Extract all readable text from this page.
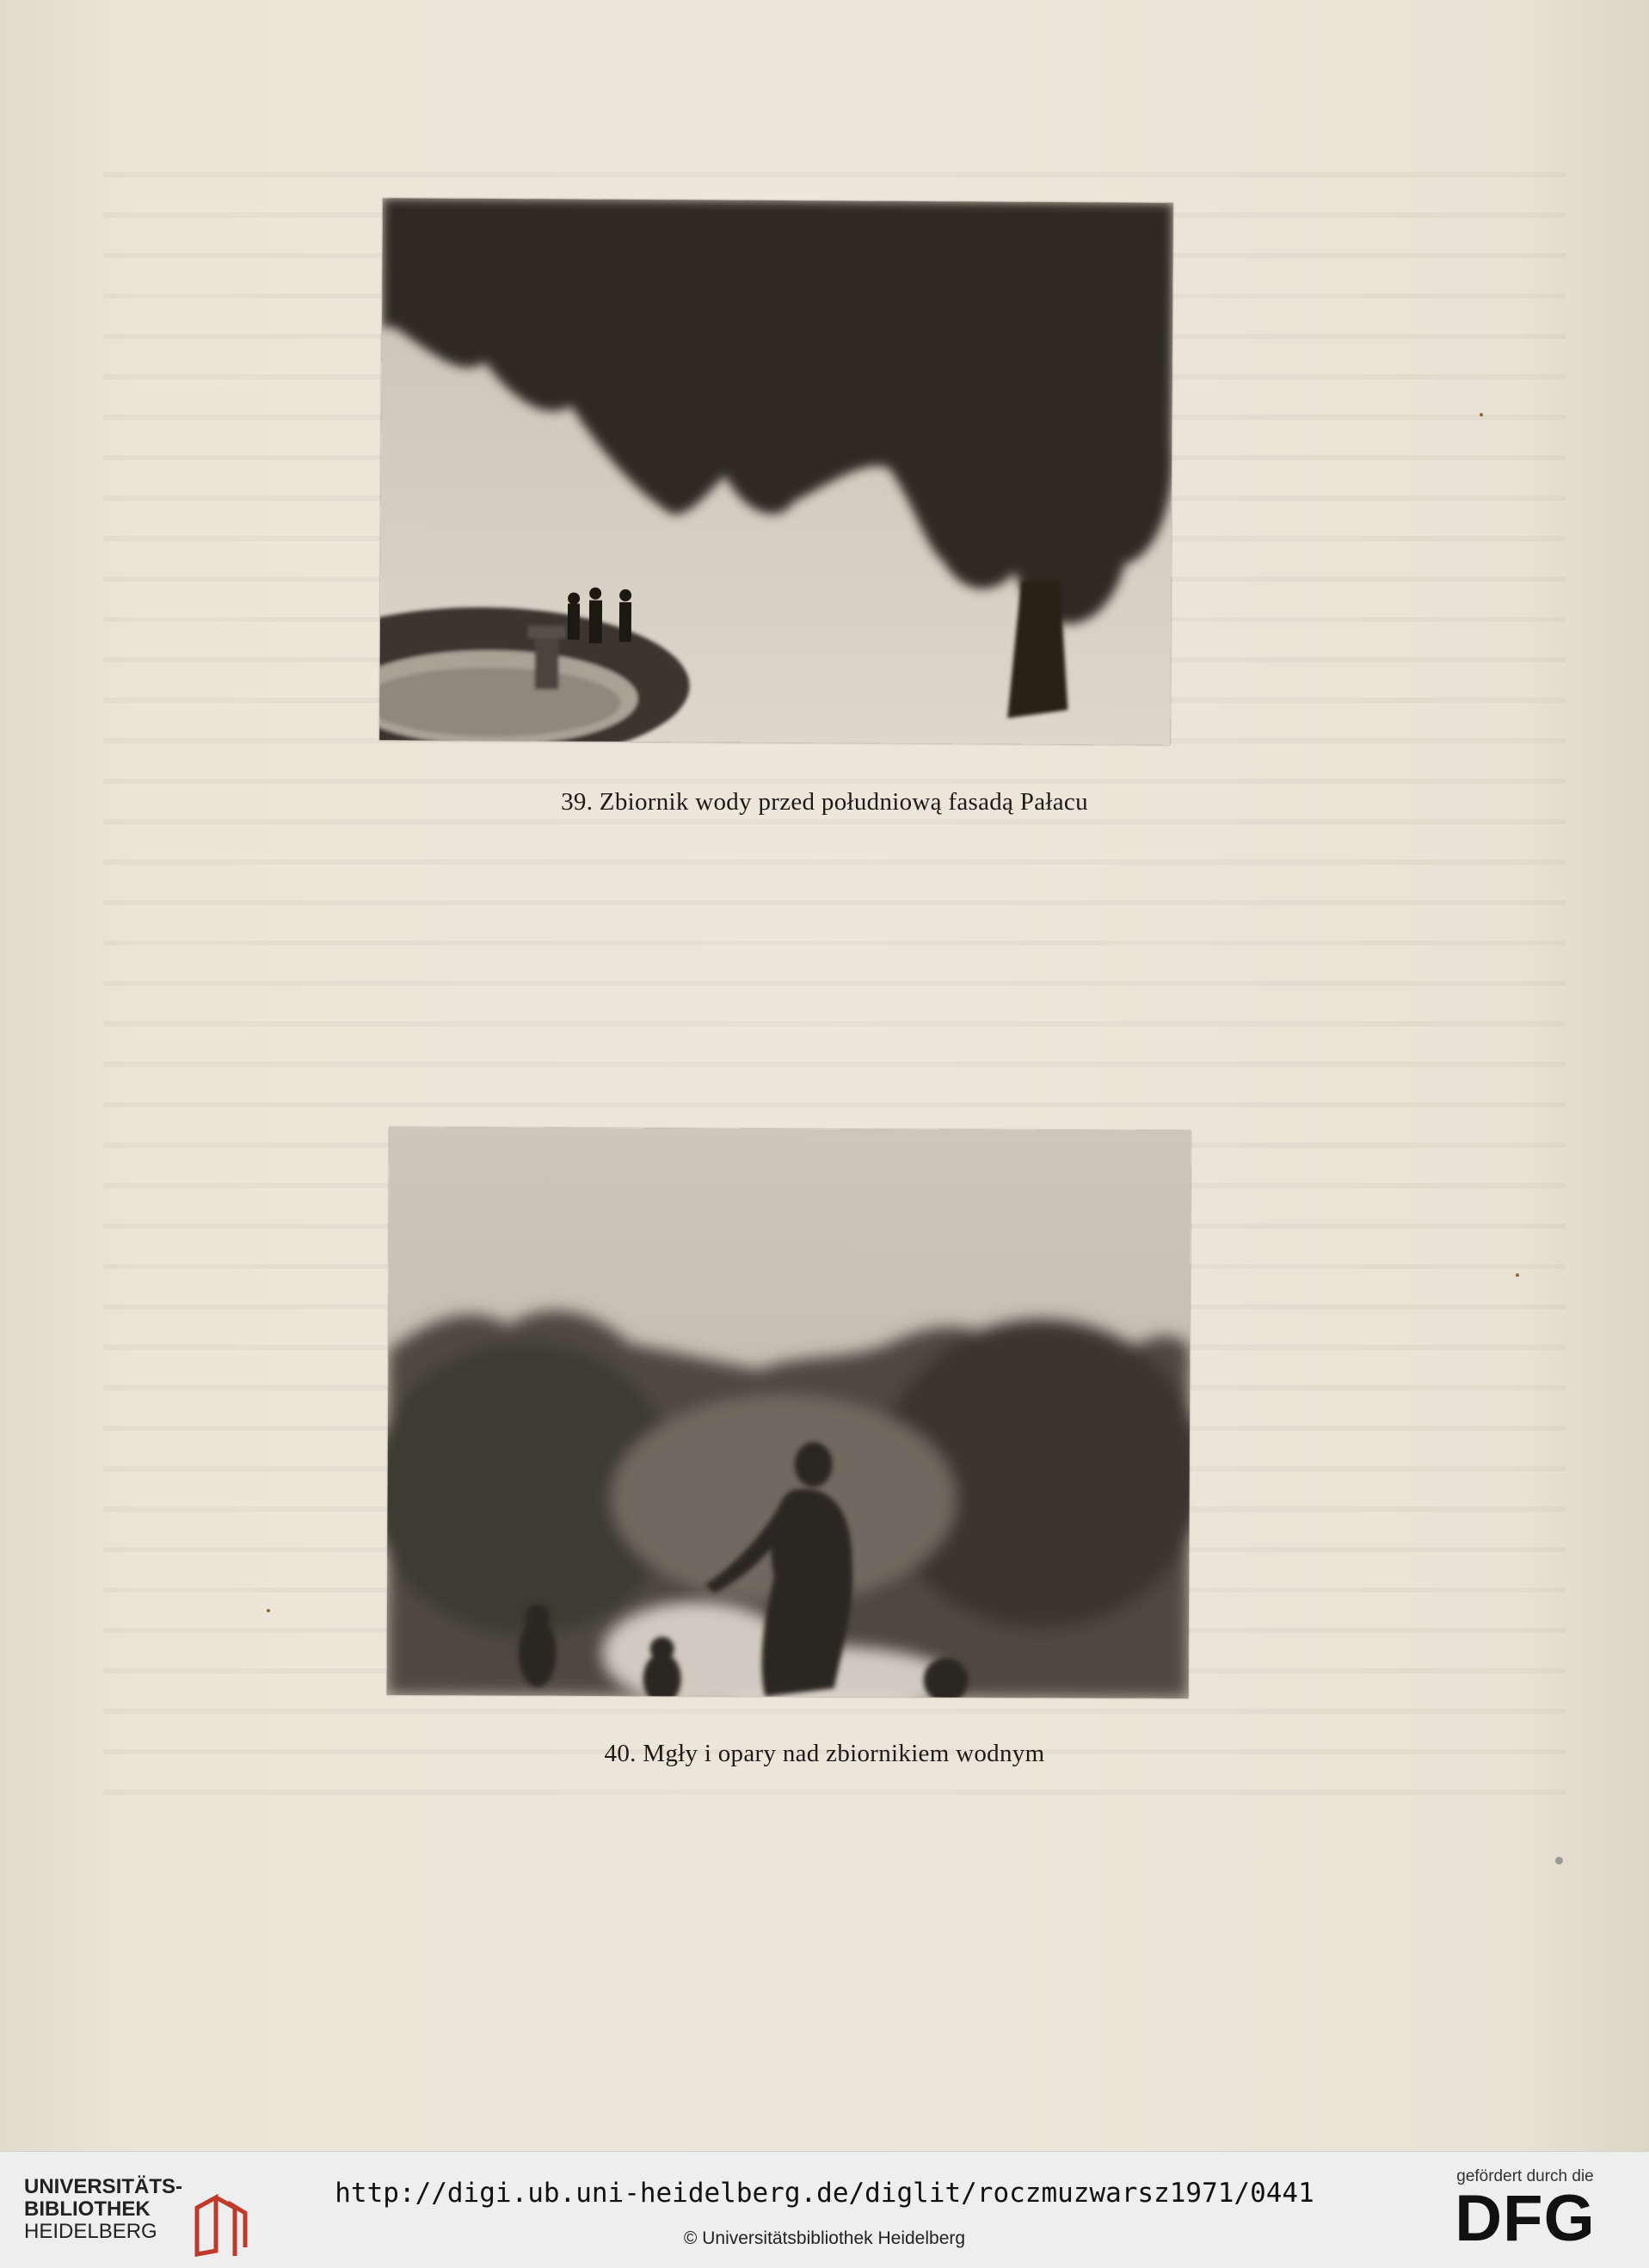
39. Zbiornik wody przed południową fasadą Pałacu
40. Mgły i opary nad zbiornikiem wodnym
UNIVERSITÄTS-
BIBLIOTHEK
HEIDELBERG
http://digi.ub.uni-heidelberg.de/diglit/roczmuzwarsz1971/0441
© Universitätsbibliothek Heidelberg
gefördert durch die
DFG
